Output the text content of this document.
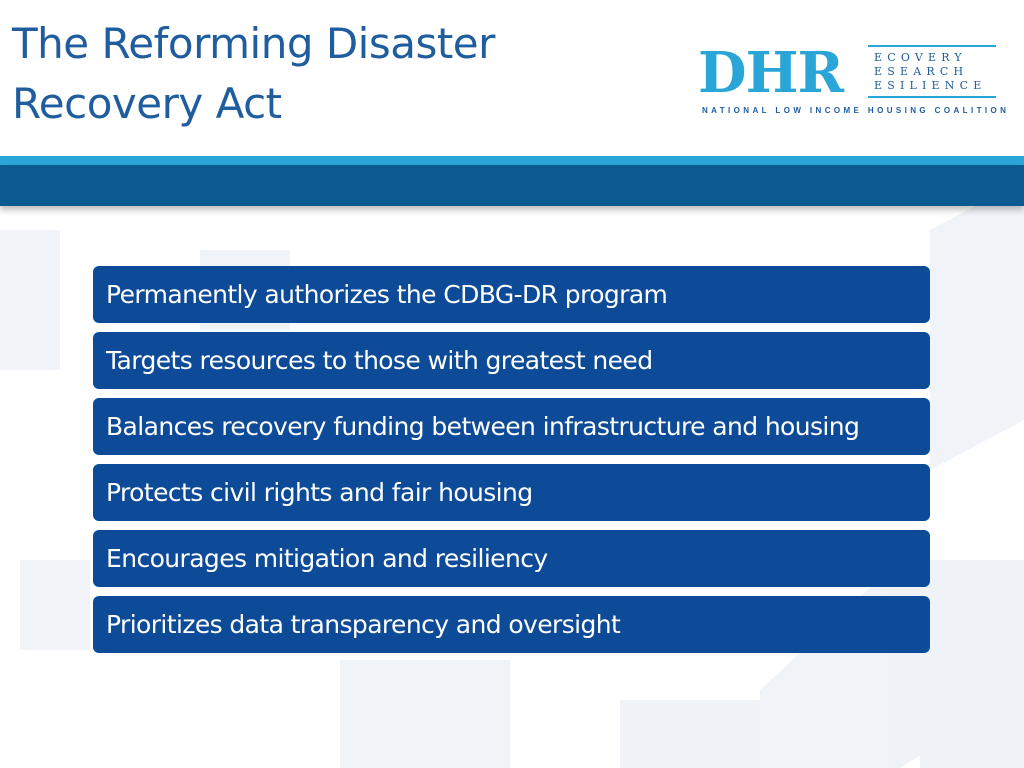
The Reforming Disaster
Recovery Act	DHR	ECOVERY
ESEARCH
ESILIENCE
NATIONAL LOW INCOME HOUSING COALITION
Permanently authorizes the CDBG-DR program
Targets resources to those with greatest need
Balances recovery funding between infrastructure and housing
Protects civil rights and fair housing
Encourages mitigation and resiliency
Prioritizes data transparency and oversight
